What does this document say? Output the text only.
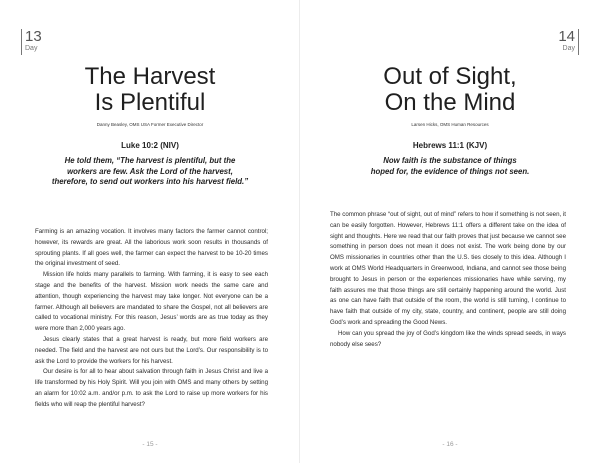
13
Day
The Harvest
Is Plentiful
Danny Beasley, OMS USA Former Executive Director
Luke 10:2 (NIV)
He told them, “The harvest is plentiful, but the
workers are few. Ask the Lord of the harvest,
therefore, to send out workers into his harvest field.”

Farming is an amazing vocation. It involves many factors the farmer cannot control; however, its rewards are great. All the laborious work soon results in thousands of sprouting plants. If all goes well, the farmer can expect the harvest to be 10-20 times the original investment of seed.

Mission life holds many parallels to farming. With farming, it is easy to see each stage and the benefits of the harvest. Mission work needs the same care and attention, though experiencing the harvest may take longer. Not everyone can be a farmer. Although all believers are mandated to share the Gospel, not all believers are called to vocational ministry. For this reason, Jesus’ words are as true today as they were more than 2,000 years ago.

Jesus clearly states that a great harvest is ready, but more field workers are needed. The field and the harvest are not ours but the Lord’s. Our responsibility is to ask the Lord to provide the workers for his harvest.

Our desire is for all to hear about salvation through faith in Jesus Christ and live a life transformed by his Holy Spirit. Will you join with OMS and many others by setting an alarm for 10:02 a.m. and/or p.m. to ask the Lord to raise up more workers for his fields who will reap the plentiful harvest?

- 15 -
14
Day
Out of Sight,
On the Mind
Larsen Hicks, OMS Human Resources
Hebrews 11:1 (KJV)
Now faith is the substance of things
hoped for, the evidence of things not seen.

The common phrase “out of sight, out of mind” refers to how if something is not seen, it can be easily forgotten. However, Hebrews 11:1 offers a different take on the idea of sight and thoughts. Here we read that our faith proves that just because we cannot see something in person does not mean it does not exist. The work being done by our OMS missionaries in countries other than the U.S. ties closely to this idea. Although I work at OMS World Headquarters in Greenwood, Indiana, and cannot see those being brought to Jesus in person or the experiences missionaries have while serving, my faith assures me that those things are still certainly happening around the world. Just as one can have faith that outside of the room, the world is still turning, I continue to have faith that outside of my city, state, country, and continent, people are still doing God’s work and spreading the Good News.

How can you spread the joy of God’s kingdom like the winds spread seeds, in ways nobody else sees?

- 16 -
